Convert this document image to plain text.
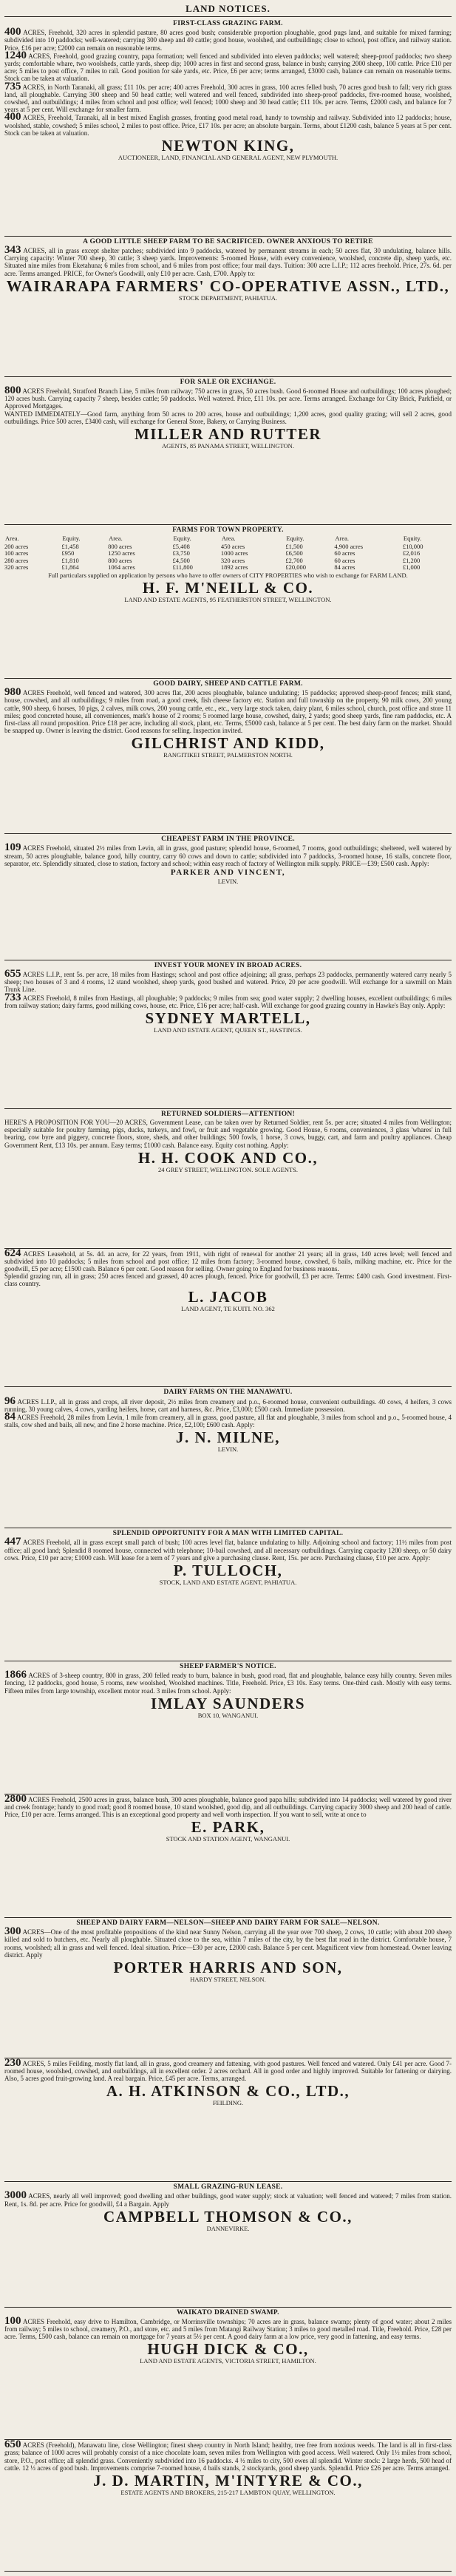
LAND NOTICES.
FIRST-CLASS GRAZING FARM.

400 ACRES, Freehold, 320 acres in splendid pasture, 80 acres good bush; considerable proportion ploughable, good pugs land, and suitable for mixed farming; subdivided into 10 paddocks; well-watered; carrying 300 sheep and 40 cattle; good house, woolshed, and outbuildings; close to school, post office, and railway station. Price, £16 per acre; £2000 can remain on reasonable terms.

1240 ACRES, Freehold, good grazing country, papa formation; well fenced and subdivided into eleven paddocks; well watered; sheep-proof paddocks; two sheep yards; comfortable whare, two woolsheds, cattle yards, sheep dip; 1000 acres in first and second grass, balance in bush; carrying 2000 sheep, 100 cattle. Price £10 per acre; 5 miles to post office, 7 miles to rail. Good position for sale yards, etc. Price, £6 per acre; terms arranged, £3000 cash, balance can remain on reasonable terms. Stock can be taken at valuation.

735 ACRES, in North Taranaki, all grass; £11 10s. per acre; 400 acres Freehold, 300 acres in grass, 100 acres felled bush, 70 acres good bush to fall; very rich grass land, all ploughable. Carrying 300 sheep and 50 head cattle; well watered and well fenced, subdivided into sheep-proof paddocks, five-roomed house, woolshed, cowshed, and outbuildings; 4 miles from school and post office; well fenced; 1000 sheep and 30 head cattle; £11 10s. per acre. Terms, £2000 cash, and balance for 7 years at 5 per cent. Will exchange for smaller farm.

400 ACRES, Freehold, Taranaki, all in best mixed English grasses, fronting good metal road, handy to township and railway. Subdivided into 12 paddocks; house, woolshed, stable, cowshed; 5 miles school, 2 miles to post office. Price, £17 10s. per acre; an absolute bargain. Terms, about £1200 cash, balance 5 years at 5 per cent. Stock can be taken at valuation.

NEWTON KING,
AUCTIONEER, LAND, FINANCIAL AND GENERAL AGENT, NEW PLYMOUTH.
A GOOD LITTLE SHEEP FARM TO BE SACRIFICED. OWNER ANXIOUS TO RETIRE

343 ACRES, all in grass except shelter patches; subdivided into 9 paddocks, watered by permanent streams in each; 50 acres flat, 30 undulating, balance hills. Carrying capacity: Winter 700 sheep, 30 cattle; 3 sheep yards. Improvements: 5-roomed House, with every convenience, woolshed, concrete dip, sheep yards, etc. Situated nine miles from Eketahuna; 6 miles from school, and 6 miles from post office; four mail days. Tuition: 300 acre L.I.P.; 112 acres freehold. Price, 27s. 6d. per acre. Terms arranged. PRICE, for Owner's Goodwill, only £10 per acre. Cash, £700. Apply to:

WAIRARAPA FARMERS' CO-OPERATIVE ASSN., LTD.,
STOCK DEPARTMENT, PAHIATUA.
FOR SALE OR EXCHANGE.

800 ACRES Freehold, Stratford Branch Line, 5 miles from railway; 750 acres in grass, 50 acres bush. Good 6-roomed House and outbuildings; 100 acres ploughed; 120 acres bush. Carrying capacity 7 sheep, besides cattle; 50 paddocks. Well watered. Price, £11 10s. per acre. Terms arranged. Exchange for City Brick, Parkfield, or Approved Mortgages.

WANTED IMMEDIATELY—Good farm, anything from 50 acres to 200 acres, house and outbuildings; 1,200 acres, good quality grazing; will sell 2 acres, good outbuildings. Price 500 acres, £3400 cash, will exchange for General Store, Bakery, or Carrying Business.

MILLER AND RUTTER
AGENTS, 85 PANAMA STREET, WELLINGTON.
FARMS FOR TOWN PROPERTY.
Area.	Equity.	Area.	Equity.	Area.	Equity.	Area.	Equity.
200 acres	£1,458	800 acres	£5,408	450 acres	£1,500	4,900 acres	£10,000
100 acres	£950	1250 acres	£3,750	1000 acres	£6,500	60 acres	£2,016
280 acres	£1,810	800 acres	£4,500	320 acres	£2,700	60 acres	£1,200
320 acres	£1,864	1064 acres	£11,800	1892 acres	£20,000	84 acres	£1,000
Full particulars supplied on application by persons who have to offer owners of CITY PROPERTIES who wish to exchange for FARM LAND.
H. F. M'NEILL & CO.
LAND AND ESTATE AGENTS, 95 FEATHERSTON STREET, WELLINGTON.
GOOD DAIRY, SHEEP AND CATTLE FARM.

980 ACRES Freehold, well fenced and watered, 300 acres flat, 200 acres ploughable, balance undulating; 15 paddocks; approved sheep-proof fences; milk stand, house, cowshed, and all outbuildings; 9 miles from road, a good creek, fish cheese factory etc. Station and full township on the property, 90 milk cows, 200 young cattle, 900 sheep, 6 horses, 10 pigs, 2 calves, milk cows, 200 young cattle, etc., etc., very large stock taken, dairy plant, 6 miles school, church, post office and store 11 miles; good concreted house, all conveniences, mark's house of 2 rooms; 5 roomed large house, cowshed, dairy, 2 yards; good sheep yards, fine ram paddocks, etc. A first-class all round proposition. Price £18 per acre, including all stock, plant, etc. Terms, £5000 cash, balance at 5 per cent. The best dairy farm on the market. Should be snapped up. Owner is leaving the district. Good reasons for selling. Inspection invited.

GILCHRIST AND KIDD,
RANGITIKEI STREET, PALMERSTON NORTH.
CHEAPEST FARM IN THE PROVINCE.

109 ACRES Freehold, situated 2½ miles from Levin, all in grass, good pasture; splendid house, 6-roomed, 7 rooms, good outbuildings; sheltered, well watered by stream, 50 acres ploughable, balance good, hilly country, carry 60 cows and down to cattle; subdivided into 7 paddocks, 3-roomed house, 16 stalls, concrete floor, separator, etc. Splendidly situated, close to station, factory and school; within easy reach of factory of Wellington milk supply. PRICE—£39; £500 cash. Apply:

PARKER AND VINCENT,
LEVIN.
INVEST YOUR MONEY IN BROAD ACRES.

655 ACRES L.I.P., rent 5s. per acre, 18 miles from Hastings; school and post office adjoining; all grass, perhaps 23 paddocks, permanently watered carry nearly 5 sheep; two houses of 3 and 4 rooms, 12 stand woolshed, sheep yards, good bushed and watered. Price, 20 per acre goodwill. Will exchange for a sawmill on Main Trunk Line.

733 ACRES Freehold, 8 miles from Hastings, all ploughable; 9 paddocks; 9 miles from sea; good water supply; 2 dwelling houses, excellent outbuildings; 6 miles from railway station; dairy farms, good milking cows, house, etc. Price, £16 per acre; half-cash. Will exchange for good grazing country in Hawke's Bay only. Apply:

SYDNEY MARTELL,
LAND AND ESTATE AGENT, QUEEN ST., HASTINGS.
RETURNED SOLDIERS—ATTENTION!

HERE'S A PROPOSITION FOR YOU—20 ACRES, Government Lease, can be taken over by Returned Soldier, rent 5s. per acre; situated 4 miles from Wellington; especially suitable for poultry farming, pigs, ducks, turkeys, and fowl, or fruit and vegetable growing. Good House, 6 rooms, conveniences, 3 glass 'whares' in full bearing, cow byre and piggery, concrete floors, store, sheds, and other buildings; 500 fowls, 1 horse, 3 cows, buggy, cart, and farm and poultry appliances. Cheap Government Rent, £13 10s. per annum. Easy terms; £1000 cash. Balance easy. Equity cost nothing. Apply:

H. H. COOK AND CO.,
24 GREY STREET, WELLINGTON. SOLE AGENTS.

624 ACRES Leasehold, at 5s. 4d. an acre, for 22 years, from 1911, with right of renewal for another 21 years; all in grass, 140 acres level; well fenced and subdivided into 10 paddocks; 5 miles from school and post office; 12 miles from factory; 3-roomed house, cowshed, 6 bails, milking machine, etc. Price for the goodwill, £5 per acre; £1500 cash. Balance 6 per cent. Good reason for selling. Owner going to England for business reasons.

Splendid grazing run, all in grass; 250 acres fenced and grassed, 40 acres plough, fenced. Price for goodwill, £3 per acre. Terms: £400 cash. Good investment. First-class country.

L. JACOB
LAND AGENT, TE KUITI. NO. 362
DAIRY FARMS ON THE MANAWATU.

96 ACRES L.I.P., all in grass and crops, all river deposit, 2½ miles from creamery and p.o., 6-roomed house, convenient outbuildings. 40 cows, 4 heifers, 3 cows running, 30 young calves, 4 cows, yarding heifers, horse, cart and harness, &c. Price, £3,000; £500 cash. Immediate possession.

84 ACRES Freehold, 28 miles from Levin, 1 mile from creamery, all in grass, good pasture, all flat and ploughable, 3 miles from school and p.o., 5-roomed house, 4 stalls, cow shed and bails, all new, and fine 2 horse machine. Price, £2,100; £600 cash. Apply:

J. N. MILNE,
LEVIN.
SPLENDID OPPORTUNITY FOR A MAN WITH LIMITED CAPITAL.

447 ACRES Freehold, all in grass except small patch of bush; 100 acres level flat, balance undulating to hilly. Adjoining school and factory; 11½ miles from post office; all good land; Splendid 8 roomed house, connected with telephone; 10-bail cowshed, and all necessary outbuildings. Carrying capacity 1200 sheep, or 50 dairy cows. Price, £10 per acre; £1000 cash. Will lease for a term of 7 years and give a purchasing clause. Rent, 15s. per acre. Purchasing clause, £10 per acre. Apply:

P. TULLOCH,
STOCK, LAND AND ESTATE AGENT, PAHIATUA.
SHEEP FARMER'S NOTICE.

1866 ACRES of 3-sheep country, 800 in grass, 200 felled ready to burn, balance in bush, good road, flat and ploughable, balance easy hilly country. Seven miles fencing, 12 paddocks, good house, 5 rooms, new woolshed, Woolshed machines. Title, Freehold. Price, £3 10s. Easy terms. One-third cash. Mostly with easy terms. Fifteen miles from large township, excellent motor road. 3 miles from school. Apply:

IMLAY SAUNDERS
BOX 10, WANGANUI.

2800 ACRES Freehold, 2500 acres in grass, balance bush, 300 acres ploughable, balance good papa hills; subdivided into 14 paddocks; well watered by good river and creek frontage; handy to good road; good 8 roomed house, 10 stand woolshed, good dip, and all outbuildings. Carrying capacity 3000 sheep and 200 head of cattle. Price, £10 per acre. Terms arranged. This is an exceptional good property and well worth inspection. If you want to sell, write at once to

E. PARK,
STOCK AND STATION AGENT, WANGANUI.
SHEEP AND DAIRY FARM—NELSON—SHEEP AND DAIRY FARM FOR SALE—NELSON.

300 ACRES—One of the most profitable propositions of the kind near Sunny Nelson, carrying all the year over 700 sheep, 2 cows, 10 cattle; with about 200 sheep killed and sold to butchers, etc. Nearly all ploughable. Situated close to the sea, within 7 miles of the city, by the best flat road in the district. Comfortable house, 7 rooms, woolshed; all in grass and well fenced. Ideal situation. Price—£30 per acre, £2000 cash. Balance 5 per cent. Magnificent view from homestead. Owner leaving district. Apply

PORTER HARRIS AND SON,
HARDY STREET, NELSON.

230 ACRES, 5 miles Feilding, mostly flat land, all in grass, good creamery and fattening, with good pastures. Well fenced and watered. Only £41 per acre. Good 7-roomed house, woolshed, cowshed, and outbuildings, all in excellent order. 2 acres orchard. All in good order and highly improved. Suitable for fattening or dairying. Also, 5 acres good fruit-growing land. A real bargain. Price, £45 per acre. Terms, arranged.

A. H. ATKINSON & CO., LTD.,
FEILDING.
SMALL GRAZING-RUN LEASE.

3000 ACRES, nearly all well improved; good dwelling and other buildings, good water supply; stock at valuation; well fenced and watered; 7 miles from station. Rent, 1s. 8d. per acre. Price for goodwill, £4 a Bargain. Apply

CAMPBELL THOMSON & CO.,
DANNEVIRKE.
WAIKATO DRAINED SWAMP.

100 ACRES Freehold, easy drive to Hamilton, Cambridge, or Morrinsville townships; 70 acres are in grass, balance swamp; plenty of good water; about 2 miles from railway; 5 miles to school, creamery, P.O., and store, etc. and 5 miles from Matangi Railway Station; 3 miles to good metalled road. Title, Freehold. Price, £28 per acre. Terms, £500 cash, balance can remain on mortgage for 7 years at 5½ per cent. A good dairy farm at a low price, very good in fattening, and easy terms.

HUGH DICK & CO.,
LAND AND ESTATE AGENTS, VICTORIA STREET, HAMILTON.

650 ACRES (Freehold), Manawatu line, close Wellington; finest sheep country in North Island; healthy, tree free from noxious weeds. The land is all in first-class grass; balance of 1000 acres will probably consist of a nice chocolate loam, seven miles from Wellington with good access. Well watered. Only 1½ miles from school, store, P.O., post office; all splendid grass. Conveniently subdivided into 16 paddocks. 4 ½ miles to city, 500 ewes all splendid. Winter stock: 2 large herds, 500 head of cattle. 12 ⅓ acres of good bush. Improvements comprise 7-roomed house, 4 bails stands, 2 stockyards, good sheep yards. Splendid. Price £26 per acre. Terms arranged.

J. D. MARTIN, M'INTYRE & CO.,
ESTATE AGENTS AND BROKERS, 215-217 LAMBTON QUAY, WELLINGTON.
